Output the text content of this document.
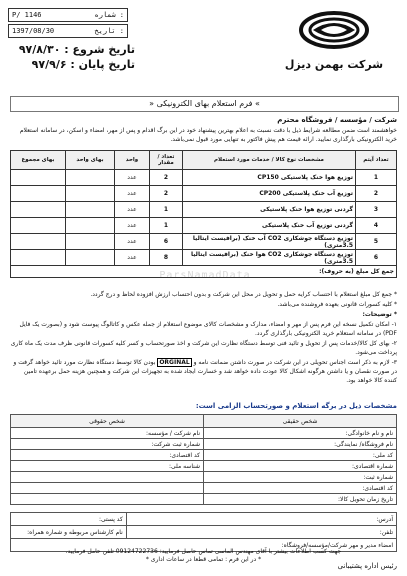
P/ 1146	شماره :
1397/08/30	تاریخ :
تاریخ شروع : ۹۷/۸/۳۰
تاریخ پایان : ۹۷/۹/۶	شرکت بهمن دیزل
» فرم استعلام بهای الکترونیکی «
شرکت / مؤسسه / فروشگاه محترم
خواهشمند است ضمن مطالعه شرایط ذیل با دقت نسبت به اعلام بهترین پیشنهاد خود در این برگ اقدام و پس از مهر، امضاء و اسکن، در سامانه استعلام خرید الکترونیکی بارگذاری نمایید. ارائه قیمت هم پیش فاکتور به تنهایی مورد قبول نمی‌باشد.
ParsNamadData
تعداد آیتم	مشخصات نوع کالا / خدمات مورد استعلام	تعداد / مقدار	واحد	بهای واحد	بهای مجموع
1	توزیع هوا خنک پلاستیکی CP150	2	عدد		
2	توزیع آب خنک پلاستیکی CP200	2	عدد		
3	گردنی توزیع هوا خنک پلاستیکی	1	عدد		
4	گردنی توزیع آب خنک پلاستیکی	1	عدد		
5	توزیع دستگاه جوشکاری CO2 آب خنک (برافیست ایتالیا 3.5متری)	6	عدد		
6	توزیع دستگاه جوشکاری CO2 هوا خنک (برافیست ایتالیا 3.5متری)	8	عدد		
جمع کل مبلغ (به حروف):					

* جمع کل مبلغ استعلام با احتساب کرایه حمل و تحویل در محل این شرکت و بدون احتساب ارزش افزوده لحاظ و درج گردد.

* کلیه کسورات قانونی بعهده فروشنده می‌باشد.

* توضیحات:

۱- امکان تکمیل نسخه این فرم پس از مهر و امضاء، مدارک و مشخصات کالای موضوع استعلام از جمله عکس و کاتالوگ پیوست شود و (بصورت یک فایل PDF) در سامانه استعلام خرید الکترونیکی بارگذاری گردد.

۲- بهای کل کالا/خدمات پس از تحویل و تائید فنی توسط دستگاه نظارت این شرکت و اخذ صورتحساب و کسر کلیه کسورات قانونی ظرف مدت یک ماه کاری پرداخت می‌شود.

۳- لازم به ذکر است اجناس تحویلی در این شرکت در صورت داشتن ضمانت نامه و ORGINAL بودن کالا توسط دستگاه نظارت مورد تائید خواهد گرفت و در صورت نقصان و یا داشتن هرگونه اشکال کالا عودت داده خواهد شد و خسارت ایجاد شده به تجهیزات این شرکت و همچنین هزینه حمل برعهده تامین کننده کالا خواهد بود.

مشخصات ذیل در برگه استعلام و صورتحساب الزامی است:
شخص حقیقی	شخص حقوقی
نام و نام خانوادگی:	نام شرکت / مؤسسه:
نام فروشگاه/ نمایندگی:	شماره ثبت شرکت:
کد ملی:	کد اقتصادی:
شماره اقتصادی:	شناسه ملی:
شماره ثبت:	
کد اقتصادی:	
تاریخ زمان تحویل کالا:	
آدرس:	کد پستی:
تلفن:	نام کارشناس مربوطه و شماره همراه:
امضاء مدیر و مهر شرکت/مؤسسه/فروشگاه:	
جهت کسب اطلاعات بیشتر با آقای مهندس الماسی تماس حاصل فرمایید: 09124722736 تلفن حامل فرمایید.
* در این فرم : تمامی قطعا در ساعات اداری *
رئیس اداره پشتیبانی
